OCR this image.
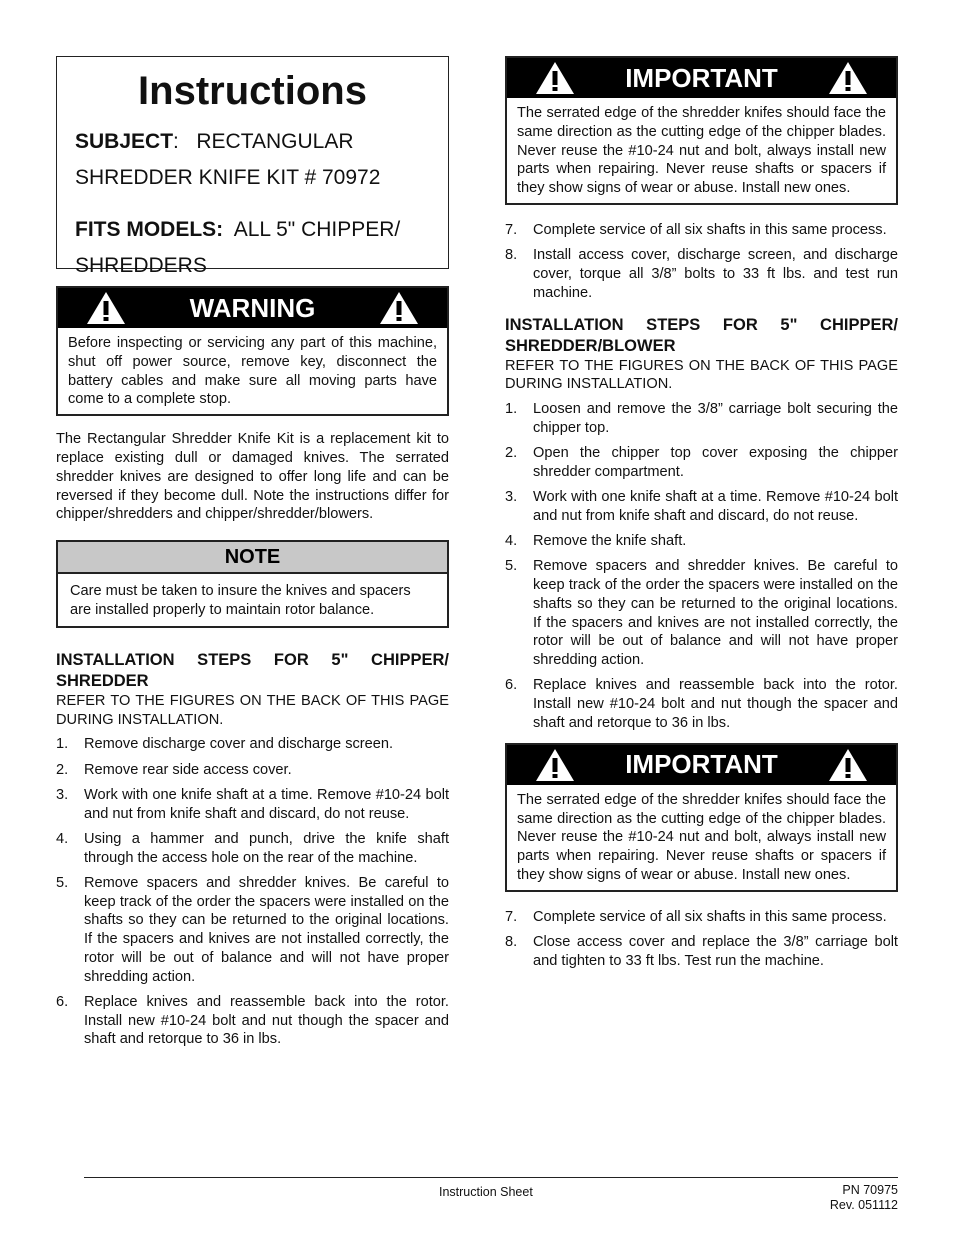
Instructions

SUBJECT:   RECTANGULAR

SHREDDER KNIFE KIT # 70972

FITS MODELS: ALL 5" CHIPPER/

SHREDDERS

WARNING

Before inspecting or servicing any part of this machine, shut off power source, remove key, disconnect the battery cables and make sure all moving parts have come to a complete stop.

The Rectangular Shredder Knife Kit is a replacement kit to replace existing dull or damaged knives. The serrated shredder knives are designed to offer long life and can be reversed if they become dull. Note the instructions differ for chipper/shredders and chipper/shredder/blowers.

NOTE

Care must be taken to insure the knives and spacers are installed properly to maintain rotor balance.

INSTALLATION STEPS FOR 5" CHIPPER/ SHREDDER

REFER TO THE FIGURES ON THE BACK OF THIS PAGE DURING INSTALLATION.

1. Remove discharge cover and discharge screen.
2. Remove rear side access cover.
3. Work with one knife shaft at a time. Remove #10-24 bolt and nut from knife shaft and discard, do not reuse.
4. Using a hammer and punch, drive the knife shaft through the access hole on the rear of the machine.
5. Remove spacers and shredder knives. Be careful to keep track of the order the spacers were installed on the shafts so they can be returned to the original locations. If the spacers and knives are not installed correctly, the rotor will be out of balance and will not have proper shredding action.
6. Replace knives and reassemble back into the rotor. Install new #10-24 bolt and nut though the spacer and shaft and retorque to 36 in lbs.
IMPORTANT

The serrated edge of the shredder knifes should face the same direction as the cutting edge of the chipper blades. Never reuse the #10-24 nut and bolt, always install new parts when repairing. Never reuse shafts or spacers if they show signs of wear or abuse. Install new ones.

7. Complete service of all six shafts in this same process.
8. Install access cover, discharge screen, and discharge cover, torque all 3/8” bolts to 33 ft lbs. and test run machine.
INSTALLATION STEPS FOR 5" CHIPPER/ SHREDDER/BLOWER

REFER TO THE FIGURES ON THE BACK OF THIS PAGE DURING INSTALLATION.

1. Loosen and remove the 3/8” carriage bolt securing the chipper top.
2. Open the chipper top cover exposing the chipper shredder compartment.
3. Work with one knife shaft at a time. Remove #10-24 bolt and nut from knife shaft and discard, do not reuse.
4. Remove the knife shaft.
5. Remove spacers and shredder knives. Be careful to keep track of the order the spacers were installed on the shafts so they can be returned to the original locations. If the spacers and knives are not installed correctly, the rotor will be out of balance and will not have proper shredding action.
6. Replace knives and reassemble back into the rotor. Install new #10-24 bolt and nut though the spacer and shaft and retorque to 36 in lbs.
IMPORTANT

The serrated edge of the shredder knifes should face the same direction as the cutting edge of the chipper blades. Never reuse the #10-24 nut and bolt, always install new parts when repairing. Never reuse shafts or spacers if they show signs of wear or abuse. Install new ones.

7. Complete service of all six shafts in this same process.
8. Close access cover and replace the 3/8” carriage bolt and tighten to 33 ft lbs. Test run the machine.
Instruction Sheet	PN 70975
Rev. 051112
